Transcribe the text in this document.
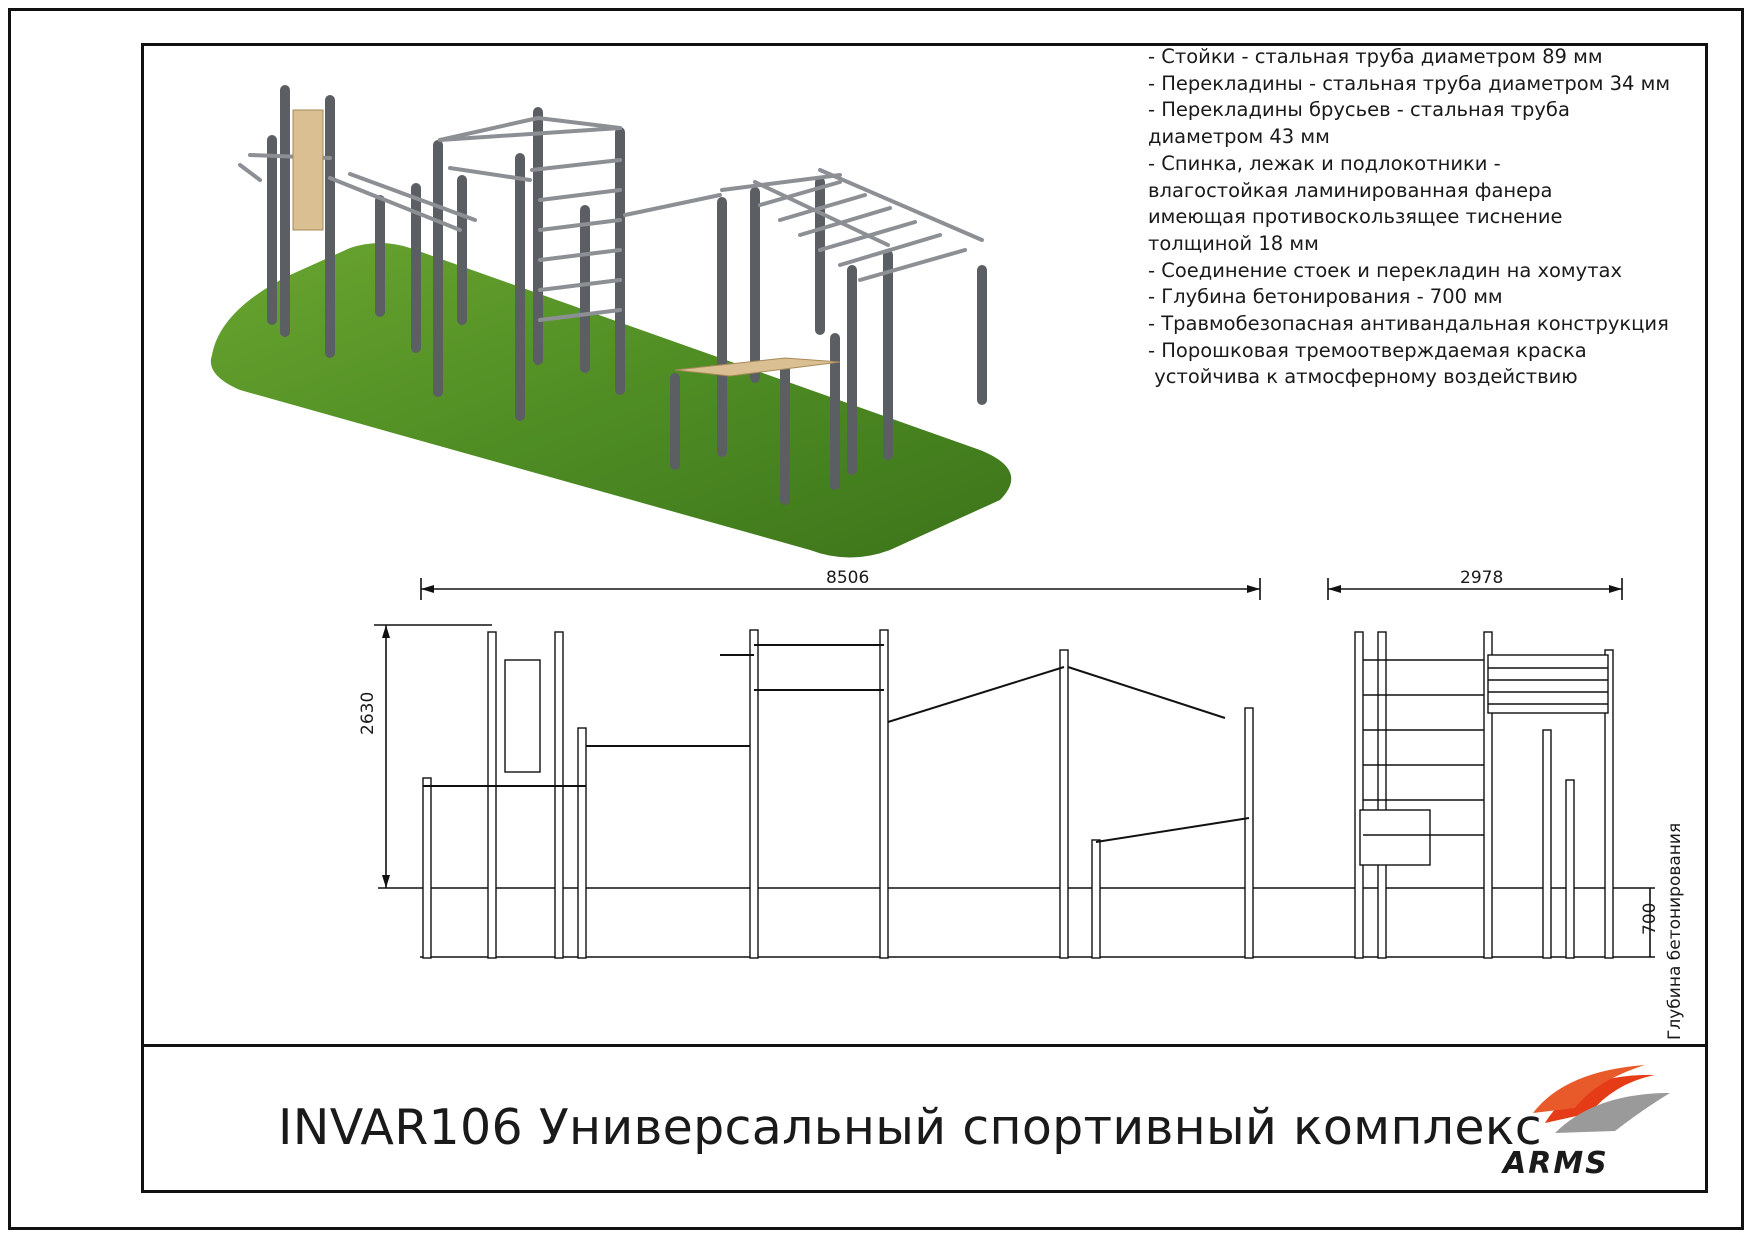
8506	2978
2630
700 Глубина бетонирования
- Стойки - стальная труба диаметром 89 мм
- Перекладины - стальная труба диаметром 34 мм
- Перекладины брусьев - стальная труба
диаметром 43 мм
- Спинка, лежак и подлокотники -
влагостойкая ламинированная фанера
имеющая противоскользящее тиснение
толщиной 18 мм
- Соединение стоек и перекладин на хомутах
- Глубина бетонирования - 700 мм
- Травмобезопасная антивандальная конструкция
- Порошковая тремоотверждаемая краска
устойчива к атмосферному воздействию
INVAR106 Универсальный спортивный комплекс
ARMS
